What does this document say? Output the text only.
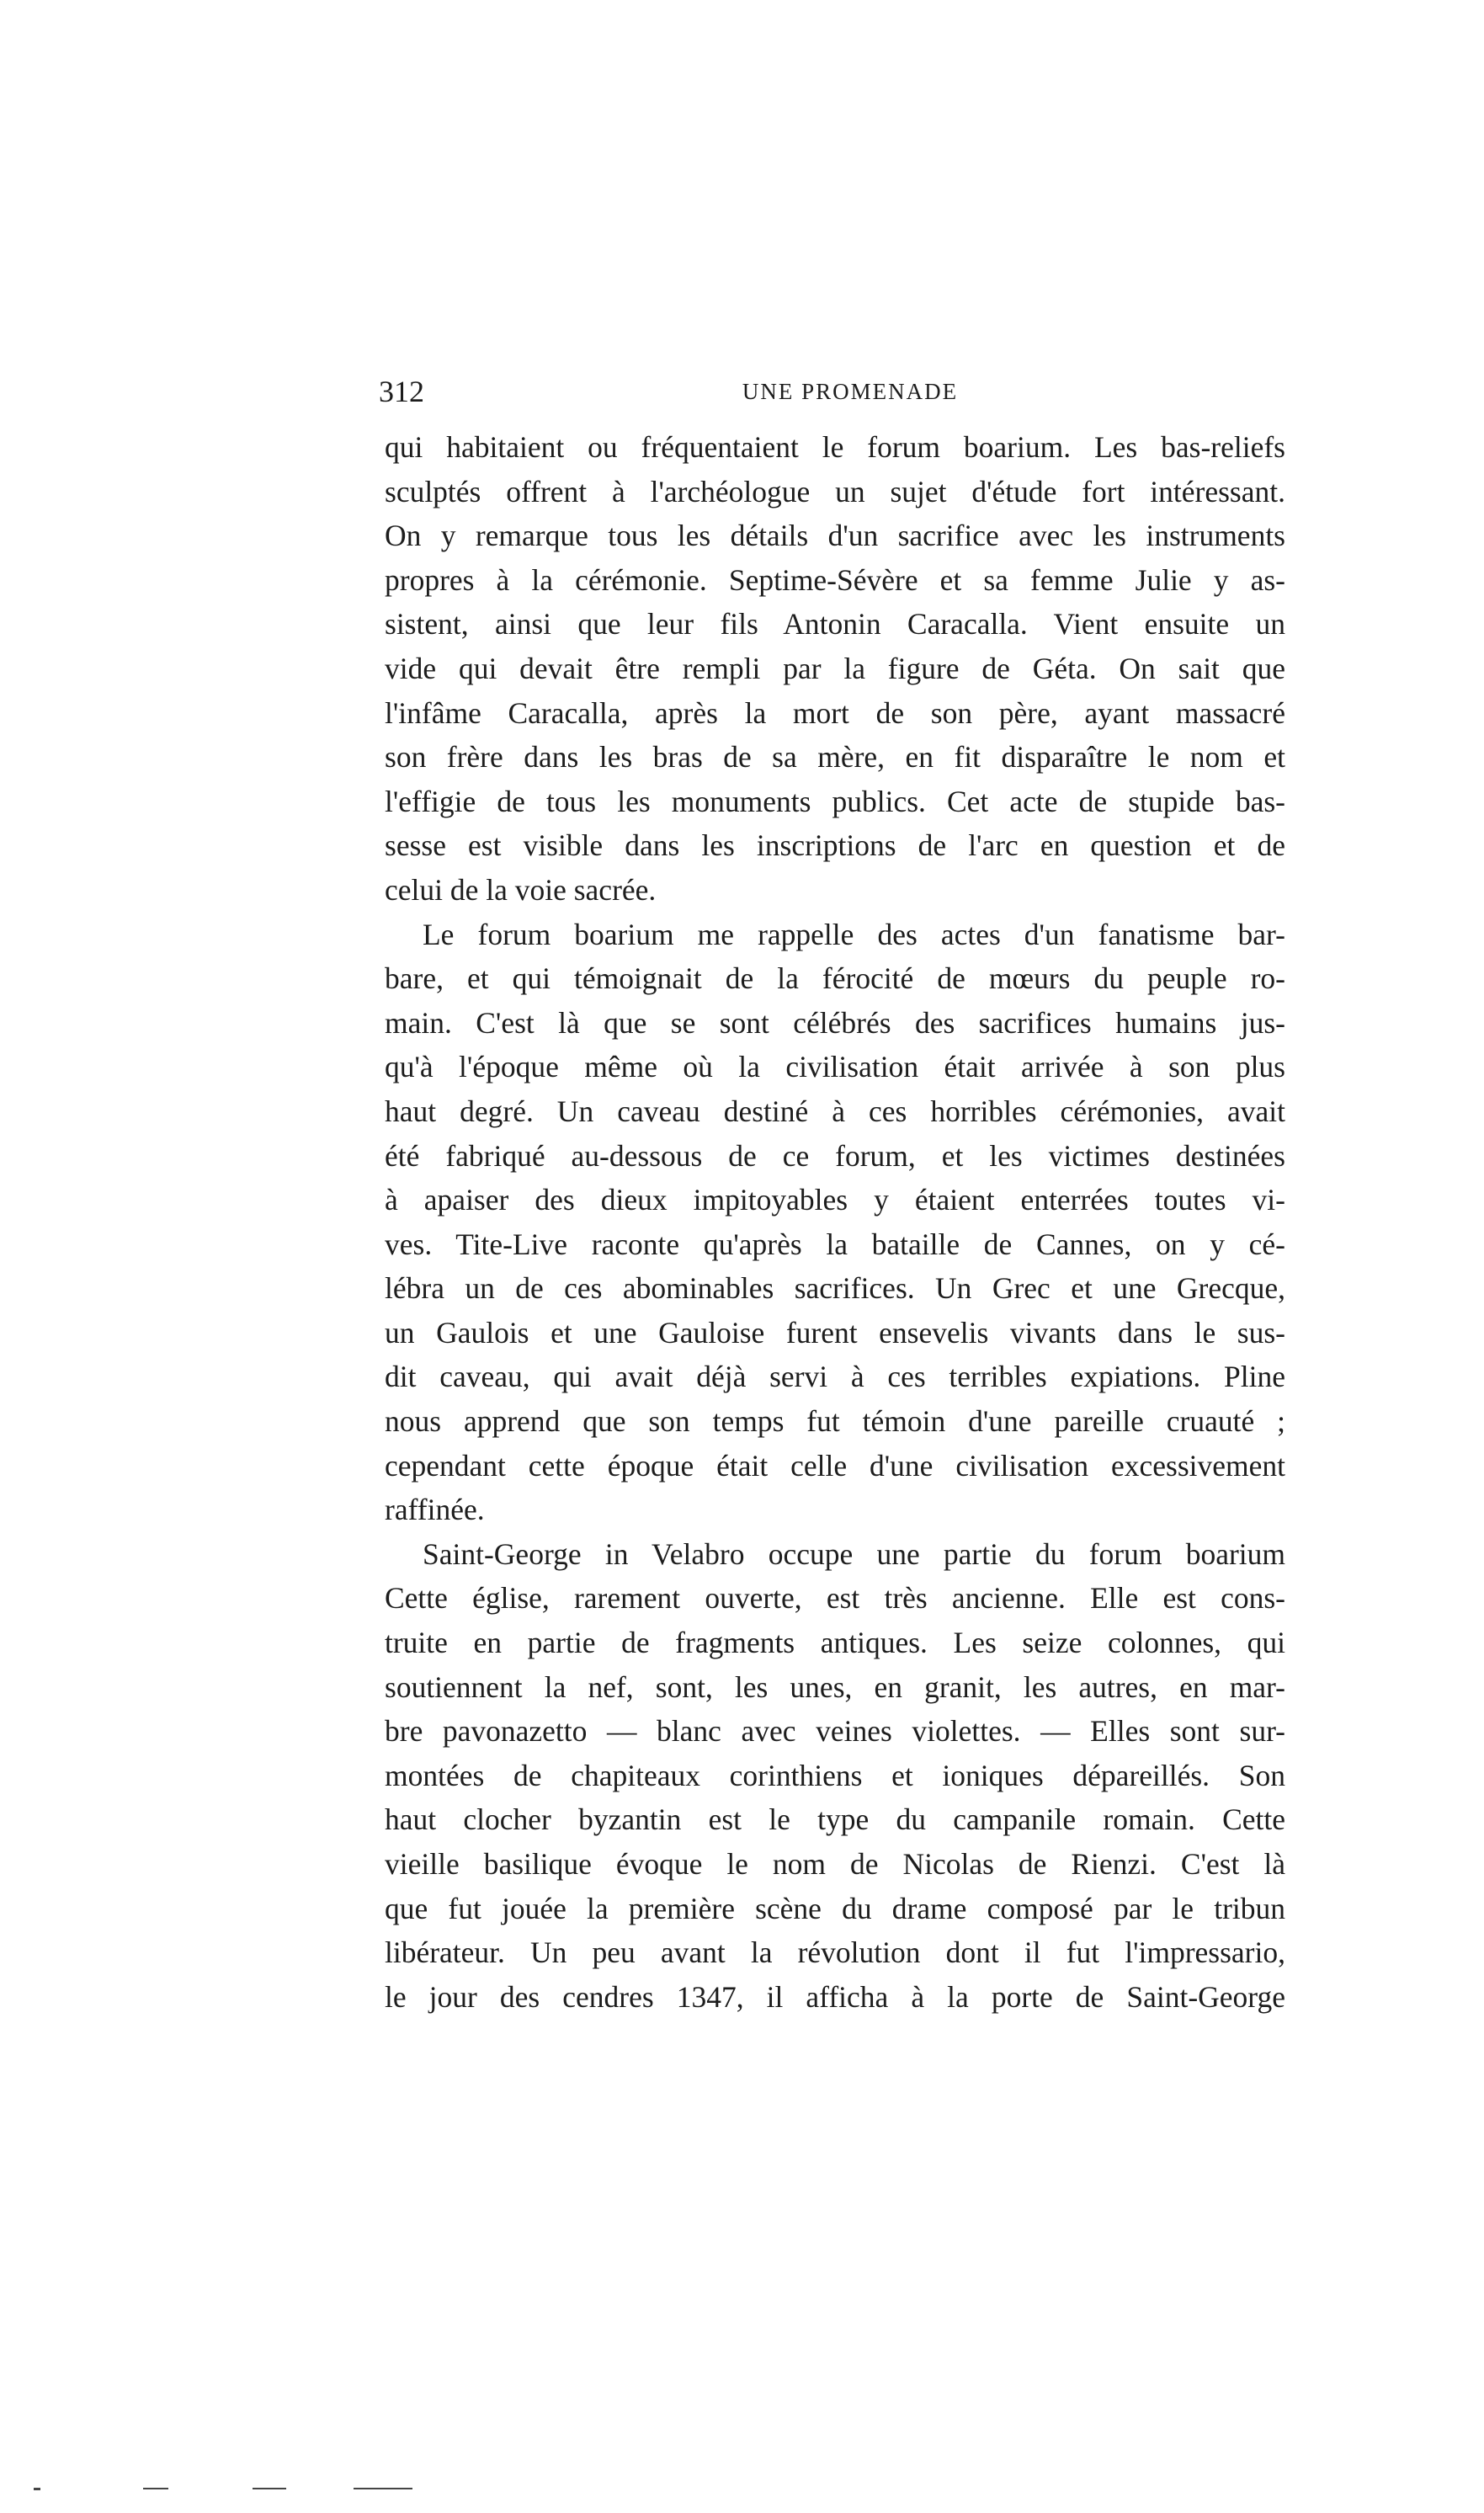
312	UNE PROMENADE
qui habitaient ou fréquentaient le forum boarium. Les bas-reliefs
sculptés offrent à l'archéologue un sujet d'étude fort intéressant.
On y remarque tous les détails d'un sacrifice avec les instruments
propres à la cérémonie. Septime-Sévère et sa femme Julie y as-
sistent, ainsi que leur fils Antonin Caracalla. Vient ensuite un
vide qui devait être rempli par la figure de Géta. On sait que
l'infâme Caracalla, après la mort de son père, ayant massacré
son frère dans les bras de sa mère, en fit disparaître le nom et
l'effigie de tous les monuments publics. Cet acte de stupide bas-
sesse est visible dans les inscriptions de l'arc en question et de
celui de la voie sacrée.
Le forum boarium me rappelle des actes d'un fanatisme bar-
bare, et qui témoignait de la férocité de mœurs du peuple ro-
main. C'est là que se sont célébrés des sacrifices humains jus-
qu'à l'époque même où la civilisation était arrivée à son plus
haut degré. Un caveau destiné à ces horribles cérémonies, avait
été fabriqué au-dessous de ce forum, et les victimes destinées
à apaiser des dieux impitoyables y étaient enterrées toutes vi-
ves. Tite-Live raconte qu'après la bataille de Cannes, on y cé-
lébra un de ces abominables sacrifices. Un Grec et une Grecque,
un Gaulois et une Gauloise furent ensevelis vivants dans le sus-
dit caveau, qui avait déjà servi à ces terribles expiations. Pline
nous apprend que son temps fut témoin d'une pareille cruauté ;
cependant cette époque était celle d'une civilisation excessivement
raffinée.
Saint-George in Velabro occupe une partie du forum boarium
Cette église, rarement ouverte, est très ancienne. Elle est cons-
truite en partie de fragments antiques. Les seize colonnes, qui
soutiennent la nef, sont, les unes, en granit, les autres, en mar-
bre pavonazetto — blanc avec veines violettes. — Elles sont sur-
montées de chapiteaux corinthiens et ioniques dépareillés. Son
haut clocher byzantin est le type du campanile romain. Cette
vieille basilique évoque le nom de Nicolas de Rienzi. C'est là
que fut jouée la première scène du drame composé par le tribun
libérateur. Un peu avant la révolution dont il fut l'impressario,
le jour des cendres 1347, il afficha à la porte de Saint-George
